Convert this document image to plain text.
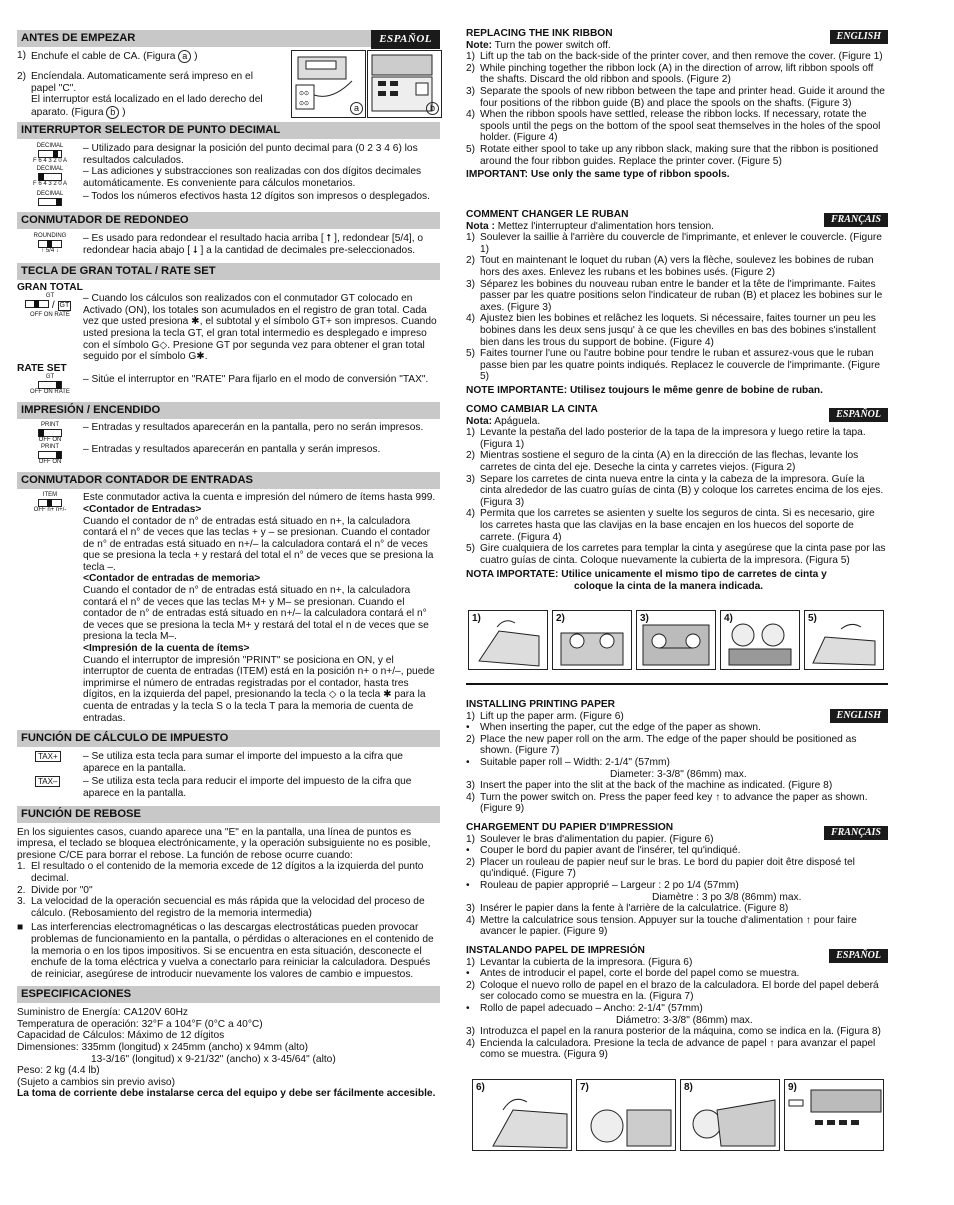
ANTES DE EMPEZAR	ESPAÑOL
1) Enchufe el cable de CA. (Figura a )
2) Encíendala. Automaticamente será impreso en el papel "C".
El interruptor está localizado en el lado derecho del aparato. (Figura b )
⊙⊙
⊙⊙	a	b
INTERRUPTOR SELECTOR DE PUNTO DECIMAL
DECIMAL
F 6 4 3 2 0 A
– Utilizado para designar la posición del punto decimal para (0 2 3 4 6) los resultados calculados.
DECIMAL
F 6 4 3 2 0 A
– Las adiciones y substracciones son realizadas con dos dígitos decimales automáticamente. Es conveniente para cálculos monetarios.
DECIMAL	– Todos los números efectivos hasta 12 dígitos son impresos o desplegados.
CONMUTADOR DE REDONDEO
ROUNDING
↑ 5/4 ↓
– Es usado para redondear el resultado hacia arriba [ ⭡ ], redondear [5/4], o redondear hacia abajo [ ⭣ ] a la cantidad de decimales pre-seleccionados.
TECLA DE GRAN TOTAL / RATE SET
GRAN TOTAL
GT
/ GT
OFF ON RATE
– Cuando los cálculos son realizados con el conmutador GT colocado en Activado (ON), los totales son acumulados en el registro de gran total. Cada vez que usted presiona ✱, el subtotal y el símbolo GT+ son impresos. Cuando usted presiona la tecla GT, el gran total intermedio es desplegado e impreso con el símbolo G◇. Presione GT por segunda vez para obtener el gran total seguido por el símbolo G✱.
RATE SET
GT
OFF ON RATE
– Sitúe el interruptor en "RATE" Para fijarlo en el modo de conversión "TAX".
IMPRESIÓN / ENCENDIDO
PRINT
OFF ON
– Entradas y resultados aparecerán en la pantalla, pero no serán impresos.
PRINT
OFF ON
– Entradas y resultados aparecerán en pantalla y serán impresos.
CONMUTADOR CONTADOR DE ENTRADAS
ITEM
OFF n+ n+/-

Este conmutador activa la cuenta e impresión del número de ítems hasta 999.

<Contador de Entradas>

Cuando el contador de n° de entradas está situado en n+, la calculadora contará el n° de veces que las teclas + y – se presionan. Cuando el contador de n° de entradas está situado en n+/– la calculadora contará el n° de veces que se presiona la tecla + y restará del total el n° de veces que se presiona la tecla –.

<Contador de entradas de memoria>

Cuando el contador de n° de entradas está situado en n+, la calculadora contará el n° de veces que las teclas M+ y M– se presionan. Cuando el contador de n° de entradas está situado en n+/– la calculadora contará el n° de veces que se presiona la tecla M+ y restará del total el n de veces que se presiona la tecla M–.

<Impresión de la cuenta de ítems>

Cuando el interruptor de impresión "PRINT" se posiciona en ON, y el interruptor de cuenta de entradas (ITEM) está en la posición n+ o n+/–, puede imprimirse el número de entradas registradas por el contador, hasta tres dígitos, en la izquierda del papel, presionando la tecla ◇ o la tecla ✱ para la cuenta de entradas y la tecla S o la tecla T para la memoria de cuenta de entradas.

FUNCIÓN DE CÁLCULO DE IMPUESTO
TAX+	– Se utiliza esta tecla para sumar el importe del impuesto a la cifra que aparece en la pantalla.
TAX–	– Se utiliza esta tecla para reducir el importe del impuesto de la cifra que aparece en la pantalla.
FUNCIÓN DE REBOSE

En los siguientes casos, cuando aparece una "E" en la pantalla, una línea de puntos es impresa, el teclado se bloquea electrónicamente, y la operación subsiguiente no es posible, presione C/CE para borrar el rebose. La función de rebose ocurre cuando:

1. El resultado o el contenido de la memoria excede de 12 dígitos a la izquierda del punto decimal.
2. Divide por "0"
3. La velocidad de la operación secuencial es más rápida que la velocidad del proceso de cálculo. (Rebosamiento del registro de la memoria intermedia)
■ Las interferencias electromagnéticas o las descargas electrostáticas pueden provocar problemas de funcionamiento en la pantalla, o pérdidas o alteraciones en el contenido de la memoria o en los tipos impositivos. Si se encuentra en esta situación, desconecte el enchufe de la toma eléctrica y vuelva a conectarlo para reiniciar la calculadora. Después de reiniciar, asegúrese de introducir nuevamente los valores de cambio e impuestos.
ESPECIFICACIONES

Suministro de Energía: CA120V 60Hz

Temperatura de operación: 32°F a 104°F (0°C a 40°C)

Capacidad de Cálculos: Máximo de 12 dígitos

Dimensiones: 335mm (longitud) x 245mm (ancho) x 94mm (alto)

13-3/16" (longitud) x 9-21/32" (ancho) x 3-45/64" (alto)

Peso: 2 kg (4.4 lb)

(Sujeto a cambios sin previo aviso)

La toma de corriente debe instalarse cerca del equipo y debe ser fácilmente accesible.

ENGLISH

REPLACING THE INK RIBBON

Note: Turn the power switch off.

1) Lift up the tab on the back-side of the printer cover, and then remove the cover. (Figure 1)
2) While pinching together the ribbon lock (A) in the direction of arrow, lift ribbon spools off the shafts. Discard the old ribbon and spools. (Figure 2)
3) Separate the spools of new ribbon between the tape and printer head. Guide it around the four positions of the ribbon guide (B) and place the spools on the shafts. (Figure 3)
4) When the ribbon spools have settled, release the ribbon locks. If necessary, rotate the spools until the pegs on the bottom of the spool seat themselves in the holes of the spool holder. (Figure 4)
5) Rotate either spool to take up any ribbon slack, making sure that the ribbon is positioned around the four ribbon guides. Replace the printer cover. (Figure 5)

IMPORTANT: Use only the same type of ribbon spools.

FRANÇAIS

COMMENT CHANGER LE RUBAN

Nota : Mettez l'interrupteur d'alimentation hors tension.

1) Soulever la saillie à l'arrière du couvercle de l'imprimante, et enlever le couvercle. (Figure 1)
2) Tout en maintenant le loquet du ruban (A) vers la flèche, soulevez les bobines de ruban hors des axes. Enlevez les rubans et les bobines usés. (Figure 2)
3) Séparez les bobines du nouveau ruban entre le bander et la tête de l'imprimante. Faites passer par les quatre positions selon l'indicateur de ruban (B) et placez les bobines sur le axes. (Figure 3)
4) Ajustez bien les bobines et relâchez les loquets. Si nécessaire, faites tourner un peu les bobines dans les deux sens jusqu' à ce que les chevilles en bas des bobines s'installent bien dans les trous du support de bobine. (Figure 4)
5) Faites tourner l'une ou l'autre bobine pour tendre le ruban et assurez-vous que le ruban passe bien par les quatre points indiqués. Replacez le couvercle de l'imprimante. (Figure 5)

NOTE IMPORTANTE: Utilisez toujours le même genre de bobine de ruban.

ESPAÑOL

COMO CAMBIAR LA CINTA

Nota: Apáguela.

1) Levante la pestaña del lado posterior de la tapa de la impresora y luego retire la tapa. (Figura 1)
2) Mientras sostiene el seguro de la cinta (A) en la dirección de las flechas, levante los carretes de cinta del eje. Deseche la cinta y carretes viejos. (Figura 2)
3) Separe los carretes de cinta nueva entre la cinta y la cabeza de la impresora. Guíe la cinta alrededor de las cuatro guías de cinta (B) y coloque los carretes encima de los ejes. (Figura 3)
4) Permita que los carretes se asienten y suelte los seguros de cinta. Si es necesario, gire los carretes hasta que las clavijas en la base encajen en los huecos del soporte de carrete. (Figura 4)
5) Gire cualquiera de los carretes para templar la cinta y asegúrese que la cinta pase por las cuatro guías de cinta. Coloque nuevamente la cubierta de la impresora. (Figura 5)

NOTA IMPORTATE: Utilice unicamente el mismo tipo de carretes de cinta y

coloque la cinta de la manera indicada.

1)	2)	3)	4)	5)
ENGLISH

INSTALLING PRINTING PAPER

1) Lift up the paper arm. (Figure 6)
•	When inserting the paper, cut the edge of the paper as shown.
2) Place the new paper roll on the arm. The edge of the paper should be positioned as shown. (Figure 7)
•	Suitable paper roll – Width: 2-1/4" (57mm)

Diameter: 3-3/8" (86mm) max.

3) Insert the paper into the slit at the back of the machine as indicated. (Figure 8)
4) Turn the power switch on. Press the paper feed key ↑ to advance the paper as shown. (Figure 9)
FRANÇAIS

CHARGEMENT DU PAPIER D'IMPRESSION

1) Soulever le bras d'alimentation du papier. (Figure 6)
•	Couper le bord du papier avant de l'insérer, tel qu'indiqué.
2) Placer un rouleau de papier neuf sur le bras. Le bord du papier doit être disposé tel qu'indiqué. (Figure 7)
•	Rouleau de papier approprié – Largeur : 2 po 1/4 (57mm)

Diamètre : 3 po 3/8 (86mm) max.

3) Insérer le papier dans la fente à l'arrière de la calculatrice. (Figure 8)
4) Mettre la calculatrice sous tension. Appuyer sur la touche d'alimentation ↑ pour faire avancer le papier. (Figure 9)
ESPAÑOL

INSTALANDO PAPEL DE IMPRESIÓN

1) Levantar la cubierta de la impresora. (Figura 6)
•	Antes de introducir el papel, corte el borde del papel como se muestra.
2) Coloque el nuevo rollo de papel en el brazo de la calculadora. El borde del papel deberá ser colocado como se muestra en la. (Figura 7)
•	Rollo de papel adecuado – Ancho: 2-1/4" (57mm)

Diámetro: 3-3/8" (86mm) max.

3) Introduzca el papel en la ranura posterior de la máquina, como se indica en la. (Figura 8)
4) Encienda la calculadora. Presione la tecla de advance de papel ↑ para avanzar el papel como se muestra. (Figura 9)
6)	7)	8)	9)
